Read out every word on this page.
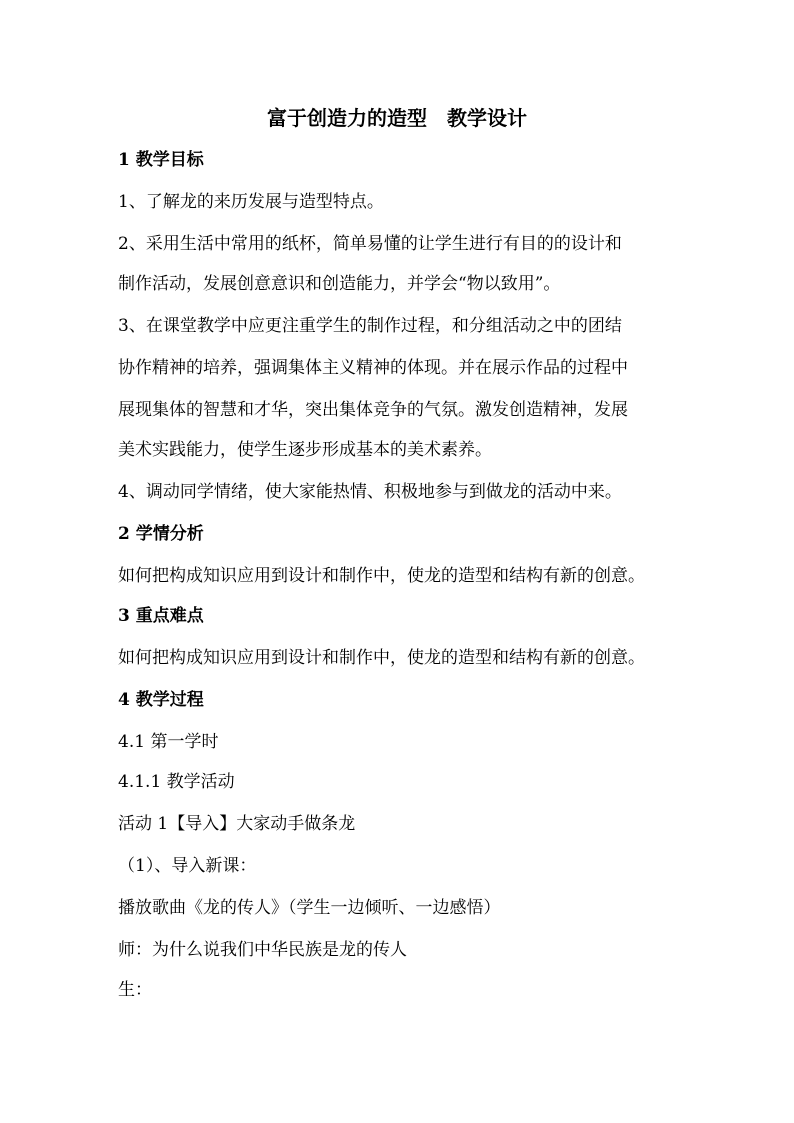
富于创造力的造型　教学设计
1 教学目标
1、了解龙的来历发展与造型特点。
2、采用生活中常用的纸杯，简单易懂的让学生进行有目的的设计和
制作活动，发展创意意识和创造能力，并学会“物以致用”。
3、在课堂教学中应更注重学生的制作过程，和分组活动之中的团结
协作精神的培养，强调集体主义精神的体现。并在展示作品的过程中
展现集体的智慧和才华，突出集体竞争的气氛。激发创造精神，发展
美术实践能力，使学生逐步形成基本的美术素养。
4、调动同学情绪，使大家能热情、积极地参与到做龙的活动中来。
2 学情分析
如何把构成知识应用到设计和制作中，使龙的造型和结构有新的创意。
3 重点难点
如何把构成知识应用到设计和制作中，使龙的造型和结构有新的创意。
4 教学过程
4.1 第一学时
4.1.1 教学活动
活动 1【导入】大家动手做条龙
（1）、导入新课：
播放歌曲《龙的传人》（学生一边倾听、一边感悟）
师：为什么说我们中华民族是龙的传人
生：
